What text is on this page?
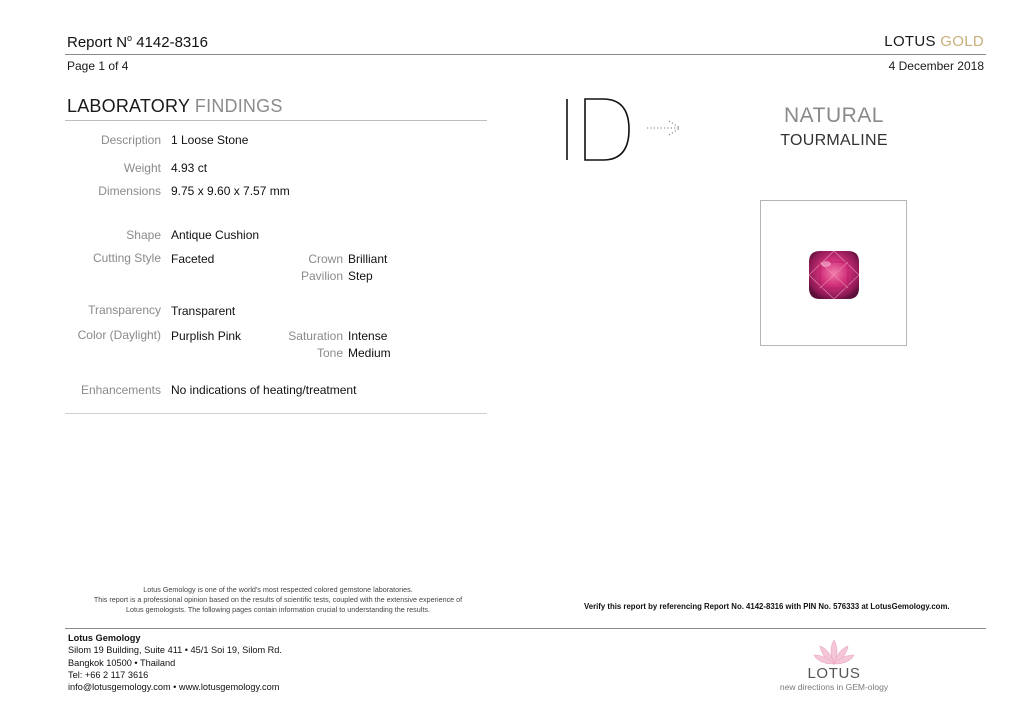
Report $N^o$ 4142-8316	LOTUS GOLD
Page 1 of 4	4 December 2018
LABORATORY FINDINGS
Description 1 Loose Stone
Weight 4.93 ct
Dimensions 9.75 x 9.60 x 7.57 mm
Shape Antique Cushion
Cutting Style Faceted	Crown Brilliant
Pavilion Step
Transparency Transparent
Color (Daylight) Purplish Pink	Saturation Intense
Tone Medium
Enhancements No indications of heating/treatment
NATURAL
TOURMALINE
Lotus Gemology is one of the world's most respected colored gemstone laboratories.
This report is a professional opinion based on the results of scientific tests, coupled with the extensive experience of
Lotus gemologists. The following pages contain information crucial to understanding the results.	Verify this report by referencing Report No. 4142-8316 with PIN No. 576333 at LotusGemology.com.
Lotus Gemology
Silom 19 Building, Suite 411 • 45/1 Soi 19, Silom Rd.
Bangkok 10500 • Thailand
Tel: +66 2 117 3616
info@lotusgemology.com • www.lotusgemology.com
LOTUS
new directions in GEM-ology
